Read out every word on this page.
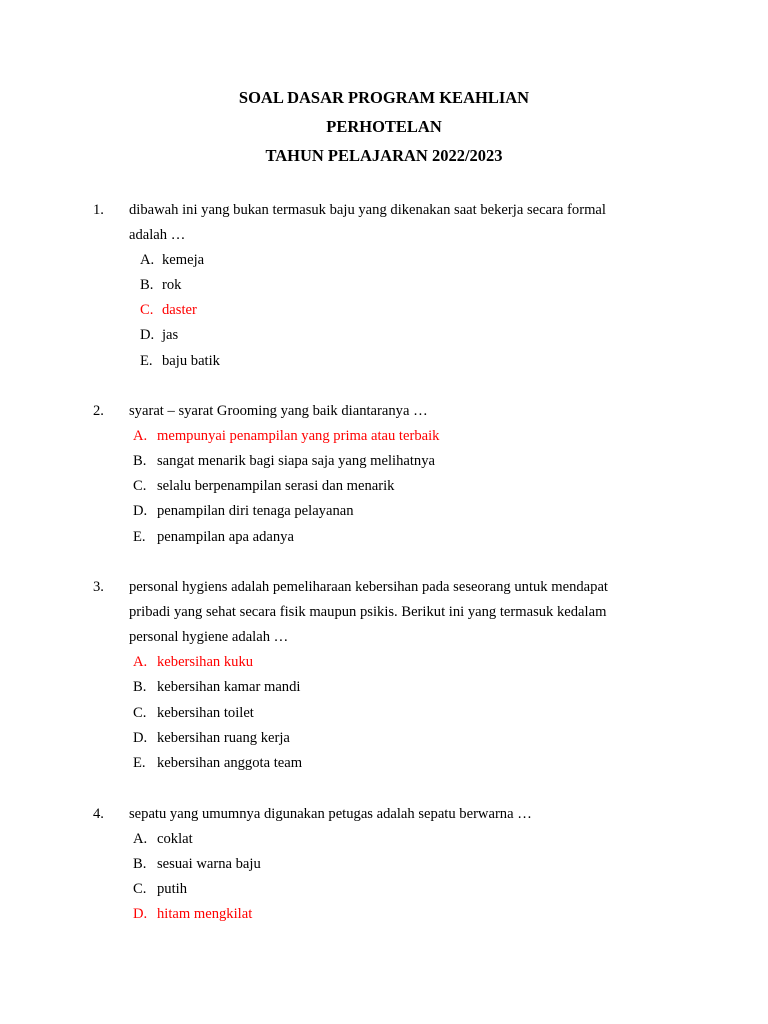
SOAL DASAR PROGRAM KEAHLIAN
PERHOTELAN
TAHUN PELAJARAN 2022/2023
1. dibawah ini yang bukan termasuk baju yang dikenakan saat bekerja secara formal
adalah …
A. kemeja
B. rok
C. daster
D. jas
E. baju batik
2. syarat – syarat Grooming yang baik diantaranya …
A. mempunyai penampilan yang prima atau terbaik
B. sangat menarik bagi siapa saja yang melihatnya
C. selalu berpenampilan serasi dan menarik
D. penampilan diri tenaga pelayanan
E. penampilan apa adanya
3. personal hygiens adalah pemeliharaan kebersihan pada seseorang untuk mendapat
pribadi yang sehat secara fisik maupun psikis. Berikut ini yang termasuk kedalam
personal hygiene adalah …
A. kebersihan kuku
B. kebersihan kamar mandi
C. kebersihan toilet
D. kebersihan ruang kerja
E. kebersihan anggota team
4. sepatu yang umumnya digunakan petugas adalah sepatu berwarna …
A. coklat
B. sesuai warna baju
C. putih
D. hitam mengkilat
